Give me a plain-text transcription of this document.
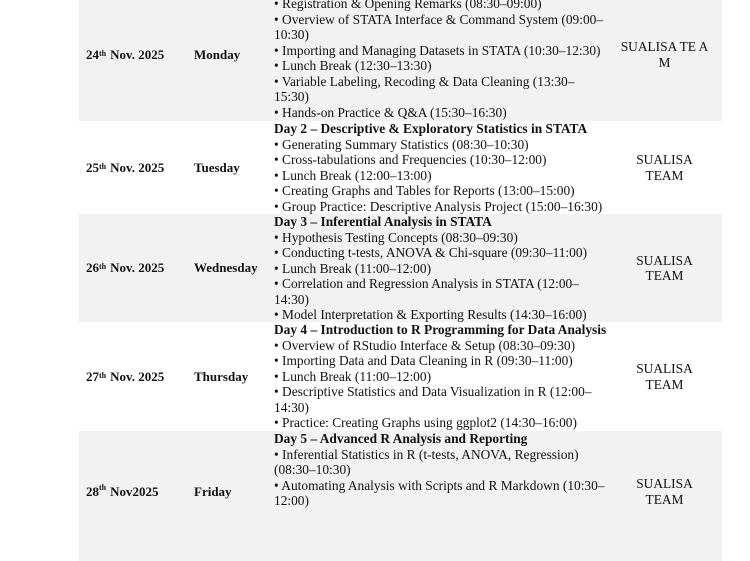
24th Nov. 2025	Monday
• Registration & Opening Remarks (08:30–09:00)
• Overview of STATA Interface & Command System (09:00–10:30)
• Importing and Managing Datasets in STATA (10:30–12:30)
• Lunch Break (12:30–13:30)
• Variable Labeling, Recoding & Data Cleaning (13:30–15:30)
• Hands-on Practice & Q&A (15:30–16:30)
SUALISA TE AM
25th Nov. 2025	Tuesday
Day 2 – Descriptive & Exploratory Statistics in STATA
• Generating Summary Statistics (08:30–10:30)
• Cross-tabulations and Frequencies (10:30–12:00)
• Lunch Break (12:00–13:00)
• Creating Graphs and Tables for Reports (13:00–15:00)
• Group Practice: Descriptive Analysis Project (15:00–16:30)
SUALISA TEAM
26th Nov. 2025	Wednesday
Day 3 – Inferential Analysis in STATA
• Hypothesis Testing Concepts (08:30–09:30)
• Conducting t-tests, ANOVA & Chi-square (09:30–11:00)
• Lunch Break (11:00–12:00)
• Correlation and Regression Analysis in STATA (12:00–14:30)
• Model Interpretation & Exporting Results (14:30–16:00)
SUALISA TEAM
27th Nov. 2025	Thursday
Day 4 – Introduction to R Programming for Data Analysis
• Overview of RStudio Interface & Setup (08:30–09:30)
• Importing Data and Data Cleaning in R (09:30–11:00)
• Lunch Break (11:00–12:00)
• Descriptive Statistics and Data Visualization in R (12:00–14:30)
• Practice: Creating Graphs using ggplot2 (14:30–16:00)
SUALISA TEAM
28th Nov2025	Friday
Day 5 – Advanced R Analysis and Reporting
• Inferential Statistics in R (t-tests, ANOVA, Regression) (08:30–10:30)
• Automating Analysis with Scripts and R Markdown (10:30–12:00)
SUALISA TEAM
